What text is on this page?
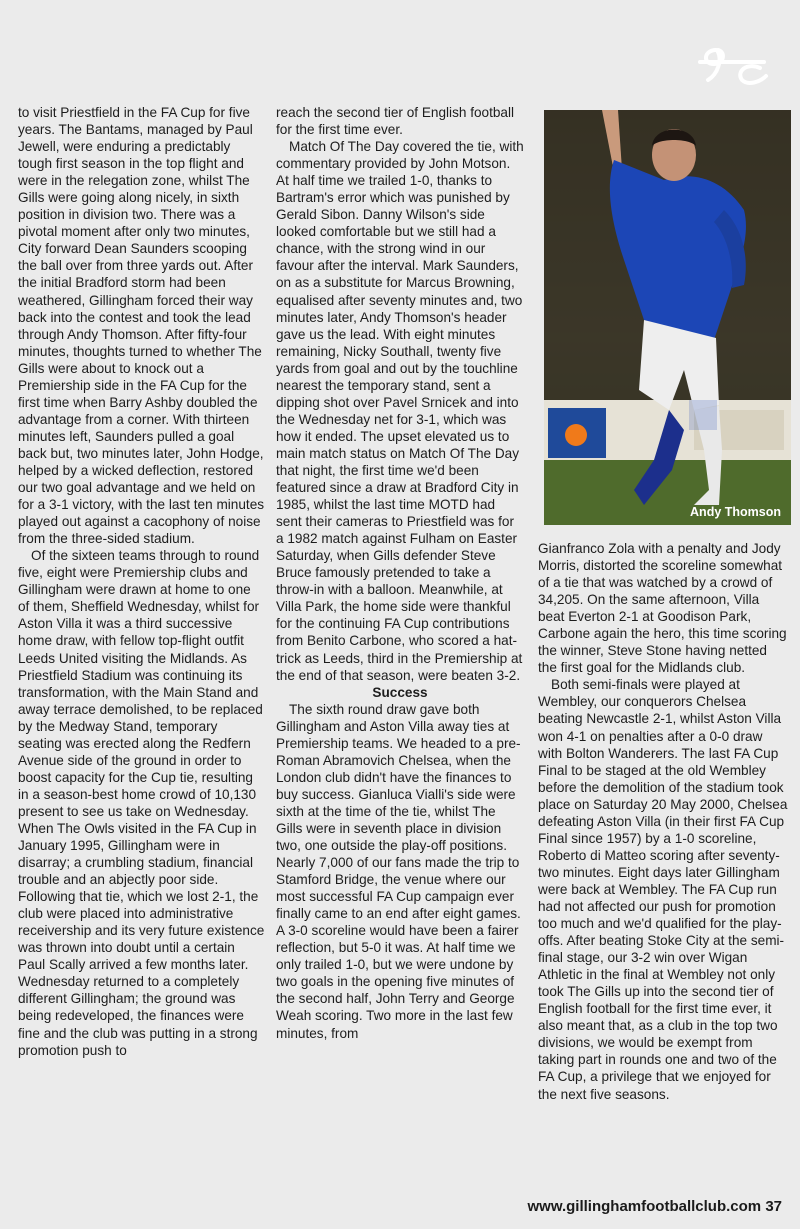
to visit Priestfield in the FA Cup for five years. The Bantams, managed by Paul Jewell, were enduring a predictably tough first season in the top flight and were in the relegation zone, whilst The Gills were going along nicely, in sixth position in division two. There was a pivotal moment after only two minutes, City forward Dean Saunders scooping the ball over from three yards out. After the initial Bradford storm had been weathered, Gillingham forced their way back into the contest and took the lead through Andy Thomson. After fifty-four minutes, thoughts turned to whether The Gills were about to knock out a Premiership side in the FA Cup for the first time when Barry Ashby doubled the advantage from a corner. With thirteen minutes left, Saunders pulled a goal back but, two minutes later, John Hodge, helped by a wicked deflection, restored our two goal advantage and we held on for a 3-1 victory, with the last ten minutes played out against a cacophony of noise from the three-sided stadium.

Of the sixteen teams through to round five, eight were Premiership clubs and Gillingham were drawn at home to one of them, Sheffield Wednesday, whilst for Aston Villa it was a third successive home draw, with fellow top-flight outfit Leeds United visiting the Midlands. As Priestfield Stadium was continuing its transformation, with the Main Stand and away terrace demolished, to be replaced by the Medway Stand, temporary seating was erected along the Redfern Avenue side of the ground in order to boost capacity for the Cup tie, resulting in a season-best home crowd of 10,130 present to see us take on Wednesday. When The Owls visited in the FA Cup in January 1995, Gillingham were in disarray; a crumbling stadium, financial trouble and an abjectly poor side. Following that tie, which we lost 2-1, the club were placed into administrative receivership and its very future existence was thrown into doubt until a certain Paul Scally arrived a few months later. Wednesday returned to a completely different Gillingham; the ground was being redeveloped, the finances were fine and the club was putting in a strong promotion push to

reach the second tier of English football for the first time ever.

Match Of The Day covered the tie, with commentary provided by John Motson. At half time we trailed 1-0, thanks to Bartram's error which was punished by Gerald Sibon. Danny Wilson's side looked comfortable but we still had a chance, with the strong wind in our favour after the interval. Mark Saunders, on as a substitute for Marcus Browning, equalised after seventy minutes and, two minutes later, Andy Thomson's header gave us the lead. With eight minutes remaining, Nicky Southall, twenty five yards from goal and out by the touchline nearest the temporary stand, sent a dipping shot over Pavel Srnicek and into the Wednesday net for 3-1, which was how it ended. The upset elevated us to main match status on Match Of The Day that night, the first time we'd been featured since a draw at Bradford City in 1985, whilst the last time MOTD had sent their cameras to Priestfield was for a 1982 match against Fulham on Easter Saturday, when Gills defender Steve Bruce famously pretended to take a throw-in with a balloon. Meanwhile, at Villa Park, the home side were thankful for the continuing FA Cup contributions from Benito Carbone, who scored a hat-trick as Leeds, third in the Premiership at the end of that season, were beaten 3-2.

Success

The sixth round draw gave both Gillingham and Aston Villa away ties at Premiership teams. We headed to a pre-Roman Abramovich Chelsea, when the London club didn't have the finances to buy success. Gianluca Vialli's side were sixth at the time of the tie, whilst The Gills were in seventh place in division two, one outside the play-off positions. Nearly 7,000 of our fans made the trip to Stamford Bridge, the venue where our most successful FA Cup campaign ever finally came to an end after eight games. A 3-0 scoreline would have been a fairer reflection, but 5-0 it was. At half time we only trailed 1-0, but we were undone by two goals in the opening five minutes of the second half, John Terry and George Weah scoring. Two more in the last few minutes, from

Andy Thomson

Gianfranco Zola with a penalty and Jody Morris, distorted the scoreline somewhat of a tie that was watched by a crowd of 34,205. On the same afternoon, Villa beat Everton 2-1 at Goodison Park, Carbone again the hero, this time scoring the winner, Steve Stone having netted the first goal for the Midlands club.

Both semi-finals were played at Wembley, our conquerors Chelsea beating Newcastle 2-1, whilst Aston Villa won 4-1 on penalties after a 0-0 draw with Bolton Wanderers. The last FA Cup Final to be staged at the old Wembley before the demolition of the stadium took place on Saturday 20 May 2000, Chelsea defeating Aston Villa (in their first FA Cup Final since 1957) by a 1-0 scoreline, Roberto di Matteo scoring after seventy-two minutes. Eight days later Gillingham were back at Wembley. The FA Cup run had not affected our push for promotion too much and we'd qualified for the play-offs. After beating Stoke City at the semi-final stage, our 3-2 win over Wigan Athletic in the final at Wembley not only took The Gills up into the second tier of English football for the first time ever, it also meant that, as a club in the top two divisions, we would be exempt from taking part in rounds one and two of the FA Cup, a privilege that we enjoyed for the next five seasons.

www.gillinghamfootballclub.com 37
